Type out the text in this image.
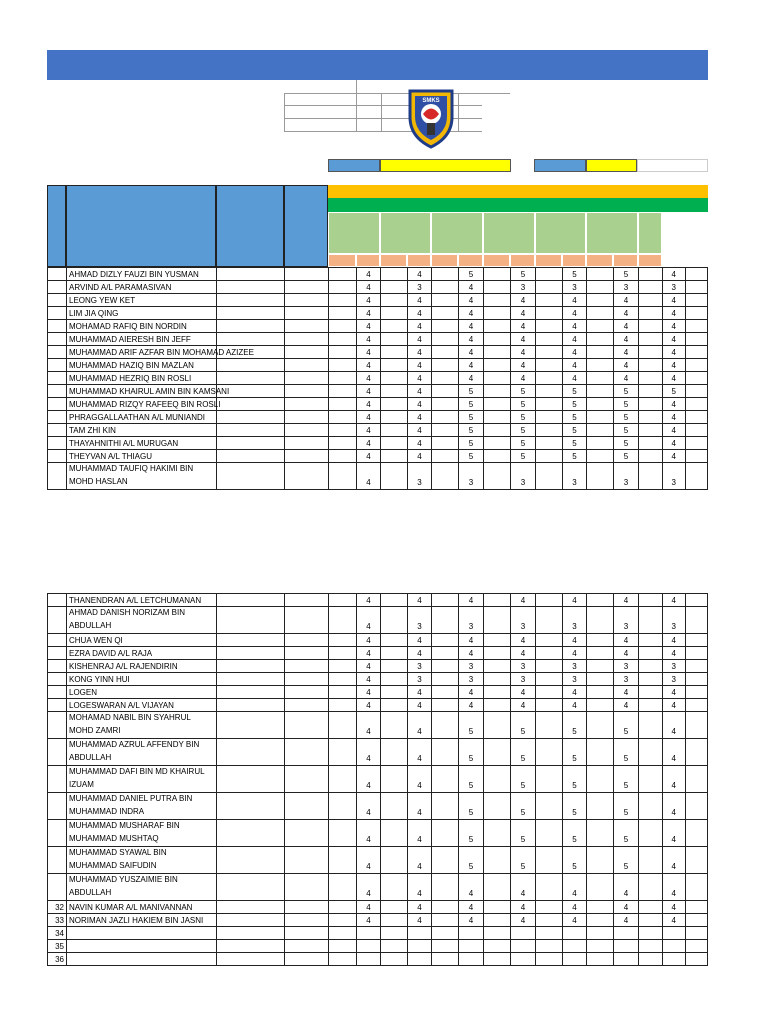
SMKS
	AHMAD DIZLY FAUZI BIN YUSMAN				4		4		5		5		5		5		4	
	ARVIND A/L PARAMASIVAN				4		3		4		3		3		3		3	
	LEONG YEW KET				4		4		4		4		4		4		4	
	LIM JIA QING				4		4		4		4		4		4		4	
	MOHAMAD RAFIQ BIN NORDIN				4		4		4		4		4		4		4	
	MUHAMMAD AIERESH BIN JEFF				4		4		4		4		4		4		4	
	MUHAMMAD ARIF AZFAR BIN MOHAMAD AZIZEE				4		4		4		4		4		4		4	
	MUHAMMAD HAZIQ BIN MAZLAN				4		4		4		4		4		4		4	
	MUHAMMAD HEZRIQ BIN ROSLI				4		4		4		4		4		4		4	
	MUHAMMAD KHAIRUL AMIN BIN KAMSANI				4		4		5		5		5		5		5	
	MUHAMMAD RIZQY RAFEEQ BIN ROSLI				4		4		5		5		5		5		4	
	PHRAGGALLAATHAN A/L MUNIANDI				4		4		5		5		5		5		4	
	TAM ZHI KIN				4		4		5		5		5		5		4	
	THAYAHNITHI A/L MURUGAN				4		4		5		5		5		5		4	
	THEYVAN A/L THIAGU				4		4		5		5		5		5		4	
	MUHAMMAD TAUFIQ HAKIMI BIN MOHD HASLAN				4		3		3		3		3		3		3	
	THANENDRAN A/L LETCHUMANAN				4		4		4		4		4		4		4	
	AHMAD DANISH NORIZAM BIN ABDULLAH				4		3		3		3		3		3		3	
	CHUA WEN QI				4		4		4		4		4		4		4	
	EZRA DAVID A/L RAJA				4		4		4		4		4		4		4	
	KISHENRAJ A/L RAJENDIRIN				4		3		3		3		3		3		3	
	KONG YINN HUI				4		3		3		3		3		3		3	
	LOGEN				4		4		4		4		4		4		4	
	LOGESWARAN A/L VIJAYAN				4		4		4		4		4		4		4	
	MOHAMAD NABIL BIN SYAHRUL MOHD ZAMRI				4		4		5		5		5		5		4	
	MUHAMMAD AZRUL AFFENDY BIN ABDULLAH				4		4		5		5		5		5		4	
	MUHAMMAD DAFI BIN MD KHAIRUL IZUAM				4		4		5		5		5		5		4	
	MUHAMMAD DANIEL PUTRA BIN MUHAMMAD INDRA				4		4		5		5		5		5		4	
	MUHAMMAD MUSHARAF BIN MUHAMMAD MUSHTAQ				4		4		5		5		5		5		4	
	MUHAMMAD SYAWAL BIN MUHAMMAD SAIFUDIN				4		4		5		5		5		5		4	
	MUHAMMAD YUSZAIMIE BIN ABDULLAH				4		4		4		4		4		4		4	
32	NAVIN KUMAR A/L MANIVANNAN				4		4		4		4		4		4		4	
33	NORIMAN JAZLI HAKIEM BIN JASNI				4		4		4		4		4		4		4	
34																		
35																		
36																		
